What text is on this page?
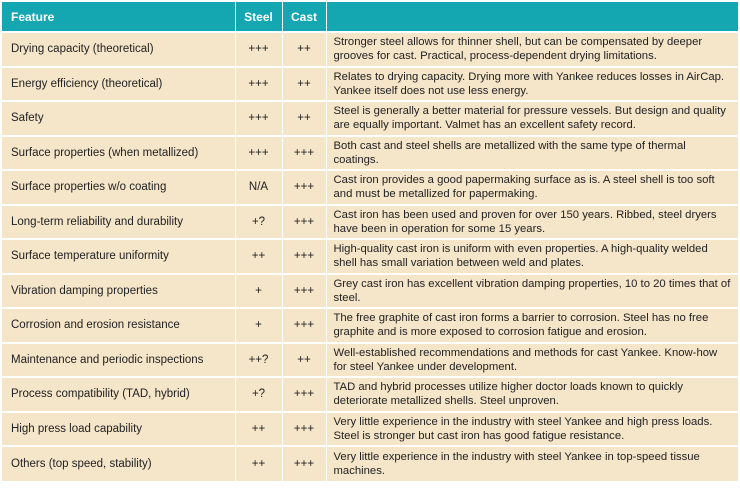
Feature	Steel	Cast	
Drying capacity (theoretical)	+++	++	Stronger steel allows for thinner shell, but can be compensated by deeper grooves for cast. Practical, process-dependent drying limitations.
Energy efficiency (theoretical)	+++	++	Relates to drying capacity. Drying more with Yankee reduces losses in AirCap. Yankee itself does not use less energy.
Safety	+++	++	Steel is generally a better material for pressure vessels. But design and quality are equally important. Valmet has an excellent safety record.
Surface properties (when metallized)	+++	+++	Both cast and steel shells are metallized with the same type of thermal coatings.
Surface properties w/o coating	N/A	+++	Cast iron provides a good papermaking surface as is. A steel shell is too soft and must be metallized for papermaking.
Long-term reliability and durability	+?	+++	Cast iron has been used and proven for over 150 years. Ribbed, steel dryers have been in operation for some 15 years.
Surface temperature uniformity	++	+++	High-quality cast iron is uniform with even properties. A high-quality welded shell has small variation between weld and plates.
Vibration damping properties	+	+++	Grey cast iron has excellent vibration damping properties, 10 to 20 times that of steel.
Corrosion and erosion resistance	+	+++	The free graphite of cast iron forms a barrier to corrosion. Steel has no free graphite and is more exposed to corrosion fatigue and erosion.
Maintenance and periodic inspections	++?	++	Well-established recommendations and methods for cast Yankee. Know-how for steel Yankee under development.
Process compatibility (TAD, hybrid)	+?	+++	TAD and hybrid processes utilize higher doctor loads known to quickly deteriorate metallized shells. Steel unproven.
High press load capability	++	+++	Very little experience in the industry with steel Yankee and high press loads. Steel is stronger but cast iron has good fatigue resistance.
Others (top speed, stability)	++	+++	Very little experience in the industry with steel Yankee in top-speed tissue machines.
